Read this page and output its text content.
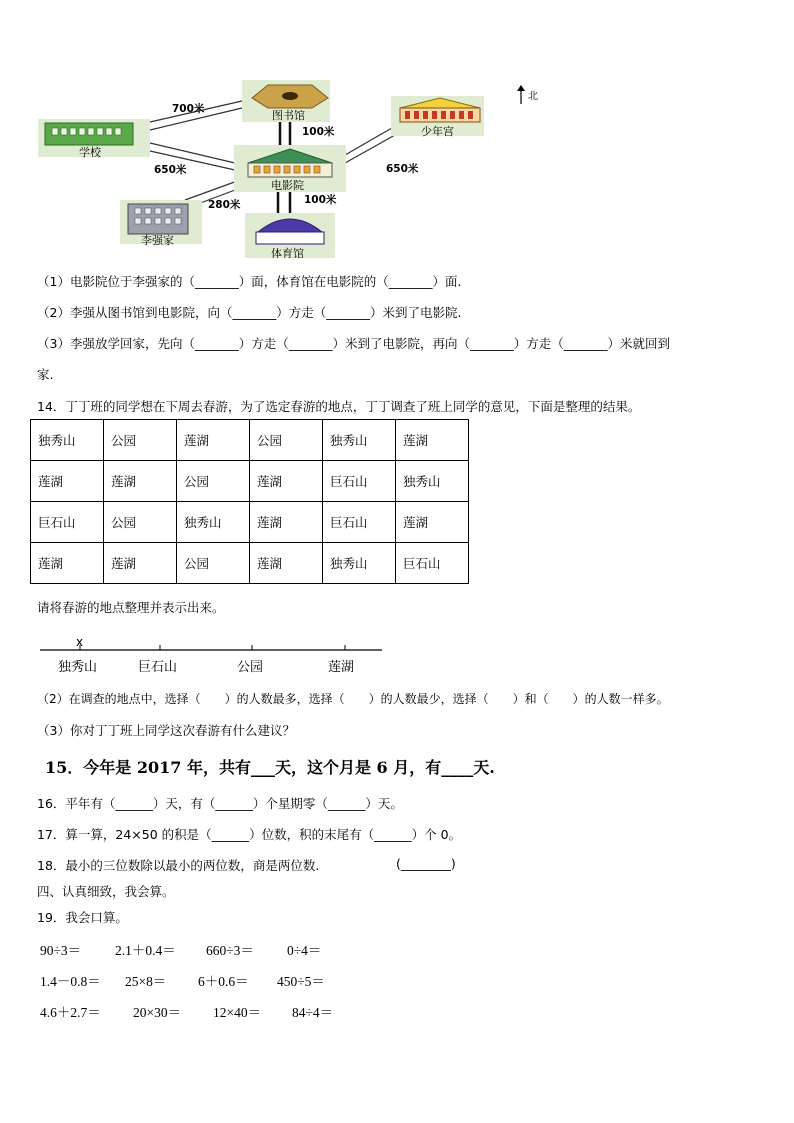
图书馆
学校
电影院
少年宫
李强家
体育馆
700米
100米
650米	650米
280米	100米
北
（1）电影院位于李强家的（_______）面，体育馆在电影院的（_______）面.
（2）李强从图书馆到电影院，向（_______）方走（_______）米到了电影院.
（3）李强放学回家，先向（_______）方走（_______）米到了电影院，再向（_______）方走（_______）米就回到
家.
14．丁丁班的同学想在下周去春游，为了选定春游的地点，丁丁调查了班上同学的意见，下面是整理的结果。
独秀山	公园	莲湖	公园	独秀山	莲湖
莲湖	莲湖	公园	莲湖	巨石山	独秀山
巨石山	公园	独秀山	莲湖	巨石山	莲湖
莲湖	莲湖	公园	莲湖	独秀山	巨石山
请将春游的地点整理并表示出来。
x
独秀山	巨石山	公园	莲湖
（2）在调查的地点中，选择（　　）的人数最多，选择（　　）的人数最少，选择（　　）和（　　）的人数一样多。
（3）你对丁丁班上同学这次春游有什么建议？
15．今年是 2017 年，共有___天，这个月是 6 月，有____天.
16．平年有（______）天，有（______）个星期零（______）天。
17．算一算，24×50 的积是（______）位数，积的末尾有（______）个 0。
18．最小的三位数除以最小的两位数，商是两位数.	(________)
四、认真细致，我会算。
19．我会口算。
90÷3＝	2.1＋0.4＝ 660÷3＝ 0÷4＝
1.4－0.8＝ 25×8＝ 6＋0.6＝ 450÷5＝
4.6＋2.7＝ 20×30＝ 12×40＝ 84÷4＝
